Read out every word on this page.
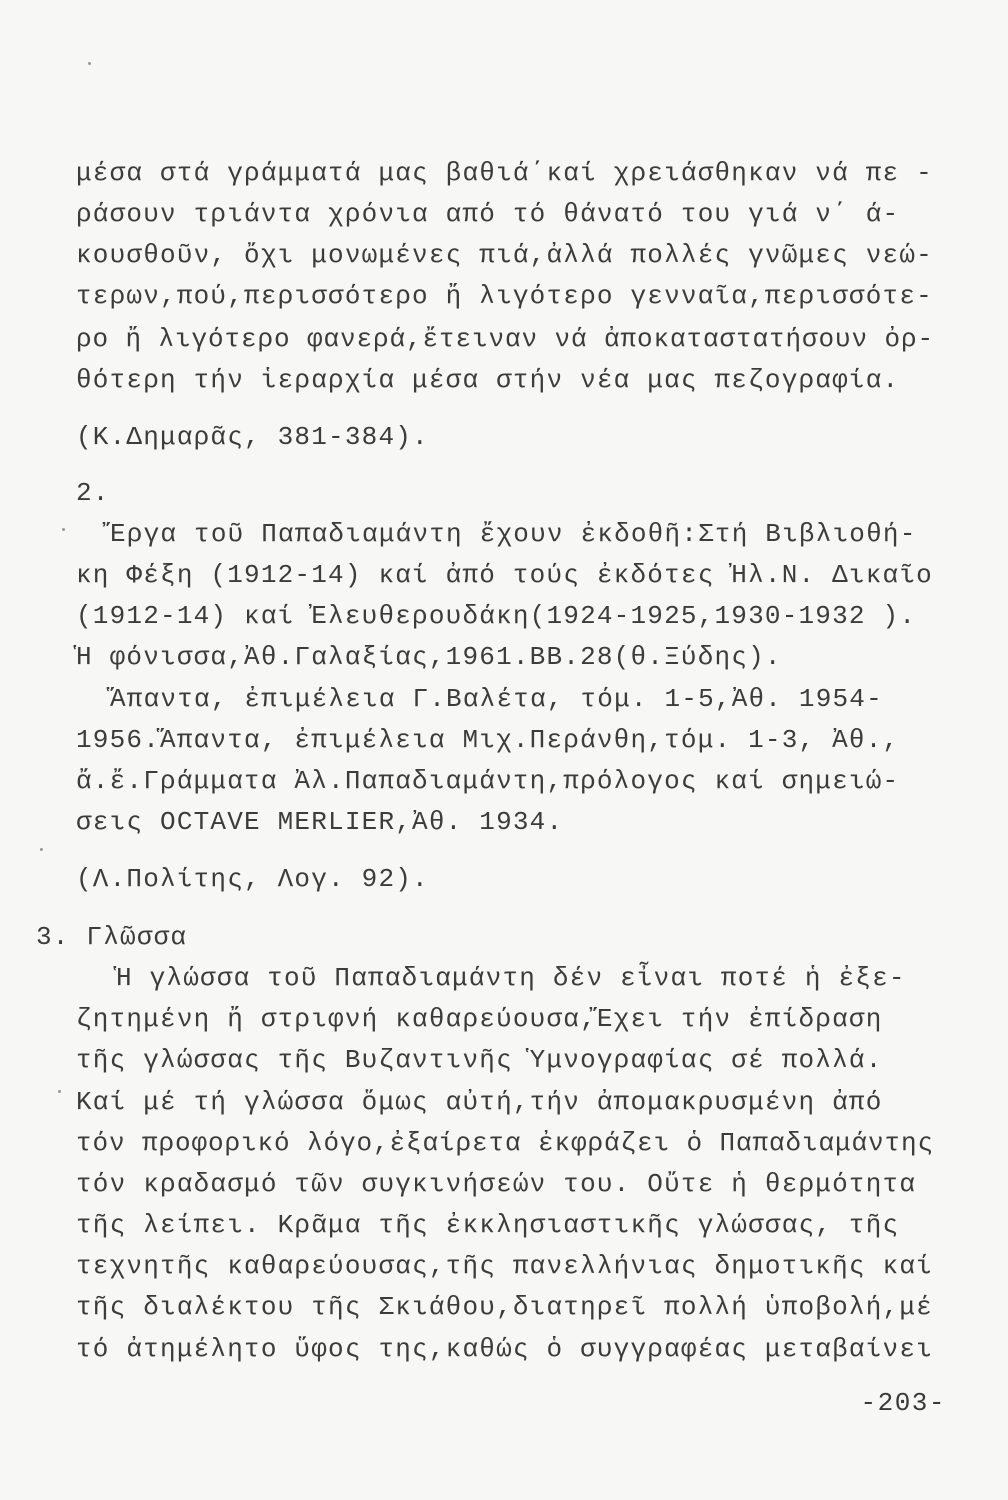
μέσα στά γράμματά μας βαθιά΄καί χρειάσθηκαν νά πε -
ράσουν τριάντα χρόνια από τό θάνατό του γιά ν΄ ά-
κουσθοῦν, ὄχι μονωμένες πιά,ἀλλά πολλές γνῶμες νεώ-
τερων,πού,περισσότερο ἤ λιγότερο γενναῖα,περισσότε-
ρο ἤ λιγότερο φανερά,ἔτειναν νά ἀποκαταστατήσουν ὀρ-
θότερη τήν ἱεραρχία μέσα στήν νέα μας πεζογραφία.
(Κ.Δημαρᾶς, 381-384).
2.
Ἔργα τοῦ Παπαδιαμάντη ἔχουν ἐκδοθῆ:Στή Βιβλιοθή-
κη Φέξη (1912-14) καί ἀπό τούς ἐκδότες Ἠλ.Ν. Δικαῖο
(1912-14) καί Ἐλευθερουδάκη(1924-1925,1930-1932 ).
Ἡ φόνισσα,Ἀθ.Γαλαξίας,1961.ΒΒ.28(θ.Ξύδης).
Ἅπαντα, ἐπιμέλεια Γ.Βαλέτα, τόμ. 1-5,Ἀθ. 1954-
1956.Ἅπαντα, ἐπιμέλεια Μιχ.Περάνθη,τόμ. 1-3, Ἀθ.,
ἄ.ἔ.Γράμματα Ἀλ.Παπαδιαμάντη,πρόλογος καί σημειώ-
σεις OCTAVE MERLIER,Ἀθ. 1934.
(Λ.Πολίτης, Λογ. 92).
3. Γλῶσσα
Ἡ γλώσσα τοῦ Παπαδιαμάντη δέν εἶναι ποτέ ἡ ἐξε-
ζητημένη ἤ στριφνή καθαρεύουσα,Ἔχει τήν ἐπίδραση
τῆς γλώσσας τῆς Βυζαντινῆς Ὑμνογραφίας σέ πολλά.
Καί μέ τή γλώσσα ὅμως αὐτή,τήν ἀπομακρυσμένη ἀπό
τόν προφορικό λόγο,ἐξαίρετα ἐκφράζει ὁ Παπαδιαμάντης
τόν κραδασμό τῶν συγκινήσεών του. Οὔτε ἡ θερμότητα
τῆς λείπει. Κρᾶμα τῆς ἐκκλησιαστικῆς γλώσσας, τῆς
τεχνητῆς καθαρεύουσας,τῆς πανελλήνιας δημοτικῆς καί
τῆς διαλέκτου τῆς Σκιάθου,διατηρεῖ πολλή ὑποβολή,μέ
τό ἀτημέλητο ὕφος της,καθώς ὁ συγγραφέας μεταβαίνει
-203-
